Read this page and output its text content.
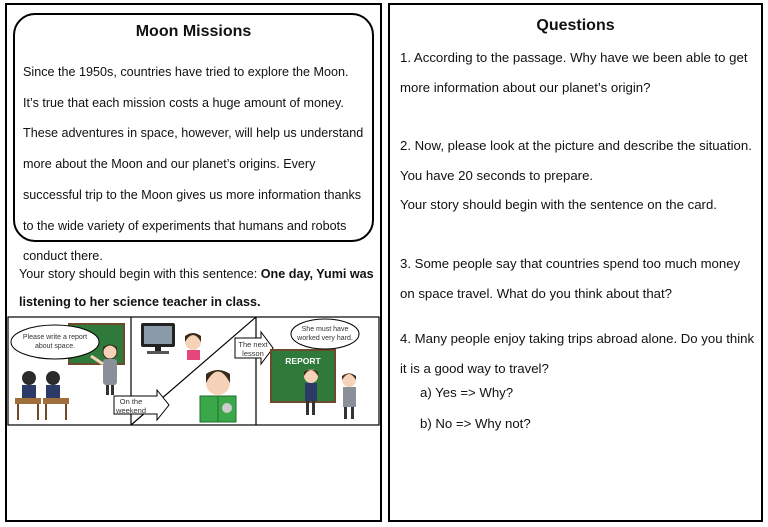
Moon Missions
Since the 1950s, countries have tried to explore the Moon. It’s true that each mission costs a huge amount of money. These adventures in space, however, will help us understand more about the Moon and our planet’s origins. Every successful trip to the Moon gives us more information thanks to the wide variety of experiments that humans and robots conduct there.
Your story should begin with this sentence: One day, Yumi was listening to her science teacher in class.
Please write a report
about space.
On the
weekend
The next
lesson
REPORT
She must have
worked very hard.
Questions
1. According to the passage. Why have we been able to get more information about our planet’s origin?
2. Now, please look at the picture and describe the situation. You have 20 seconds to prepare.
Your story should begin with the sentence on the card.
3. Some people say that countries spend too much money on space travel. What do you think about that?
4. Many people enjoy taking trips abroad alone. Do you think it is a good way to travel?
a) Yes => Why?
b) No => Why not?
